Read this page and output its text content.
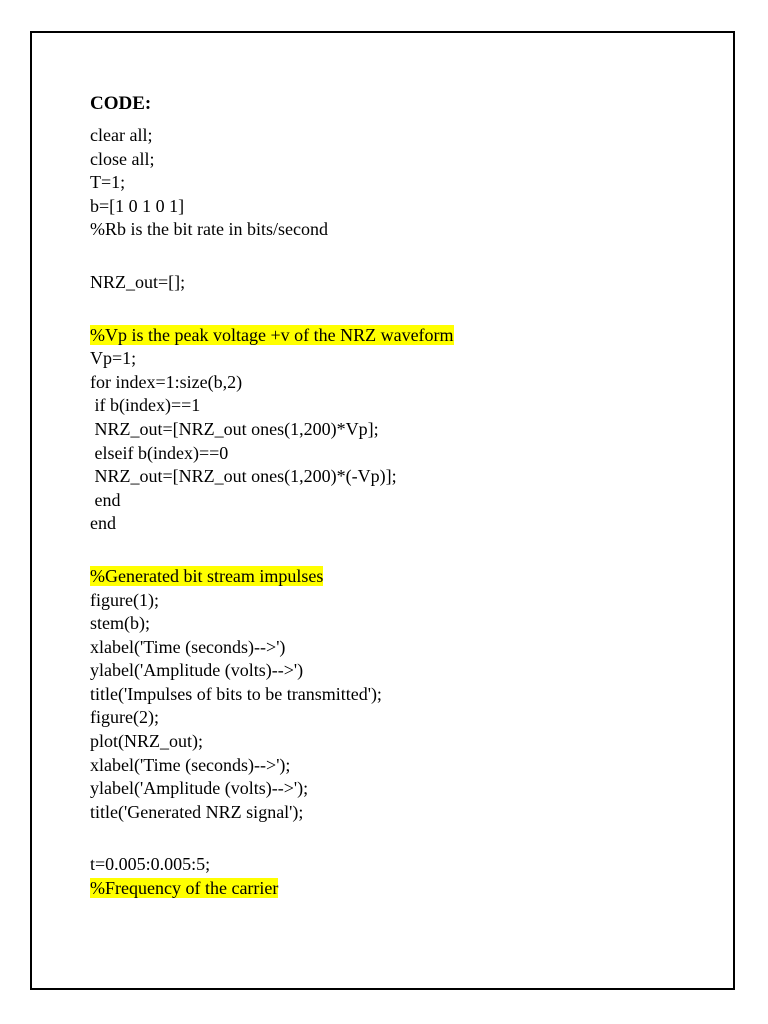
CODE:
clear all;
close all;
T=1;
b=[1 0 1 0 1]
%Rb is the bit rate in bits/second
NRZ_out=[];
%Vp is the peak voltage +v of the NRZ waveform
Vp=1;
for index=1:size(b,2)
if b(index)==1
NRZ_out=[NRZ_out ones(1,200)*Vp];
elseif b(index)==0
NRZ_out=[NRZ_out ones(1,200)*(-Vp)];
end
end
%Generated bit stream impulses
figure(1);
stem(b);
xlabel('Time (seconds)-->')
ylabel('Amplitude (volts)-->')
title('Impulses of bits to be transmitted');
figure(2);
plot(NRZ_out);
xlabel('Time (seconds)-->');
ylabel('Amplitude (volts)-->');
title('Generated NRZ signal');
t=0.005:0.005:5;
%Frequency of the carrier
